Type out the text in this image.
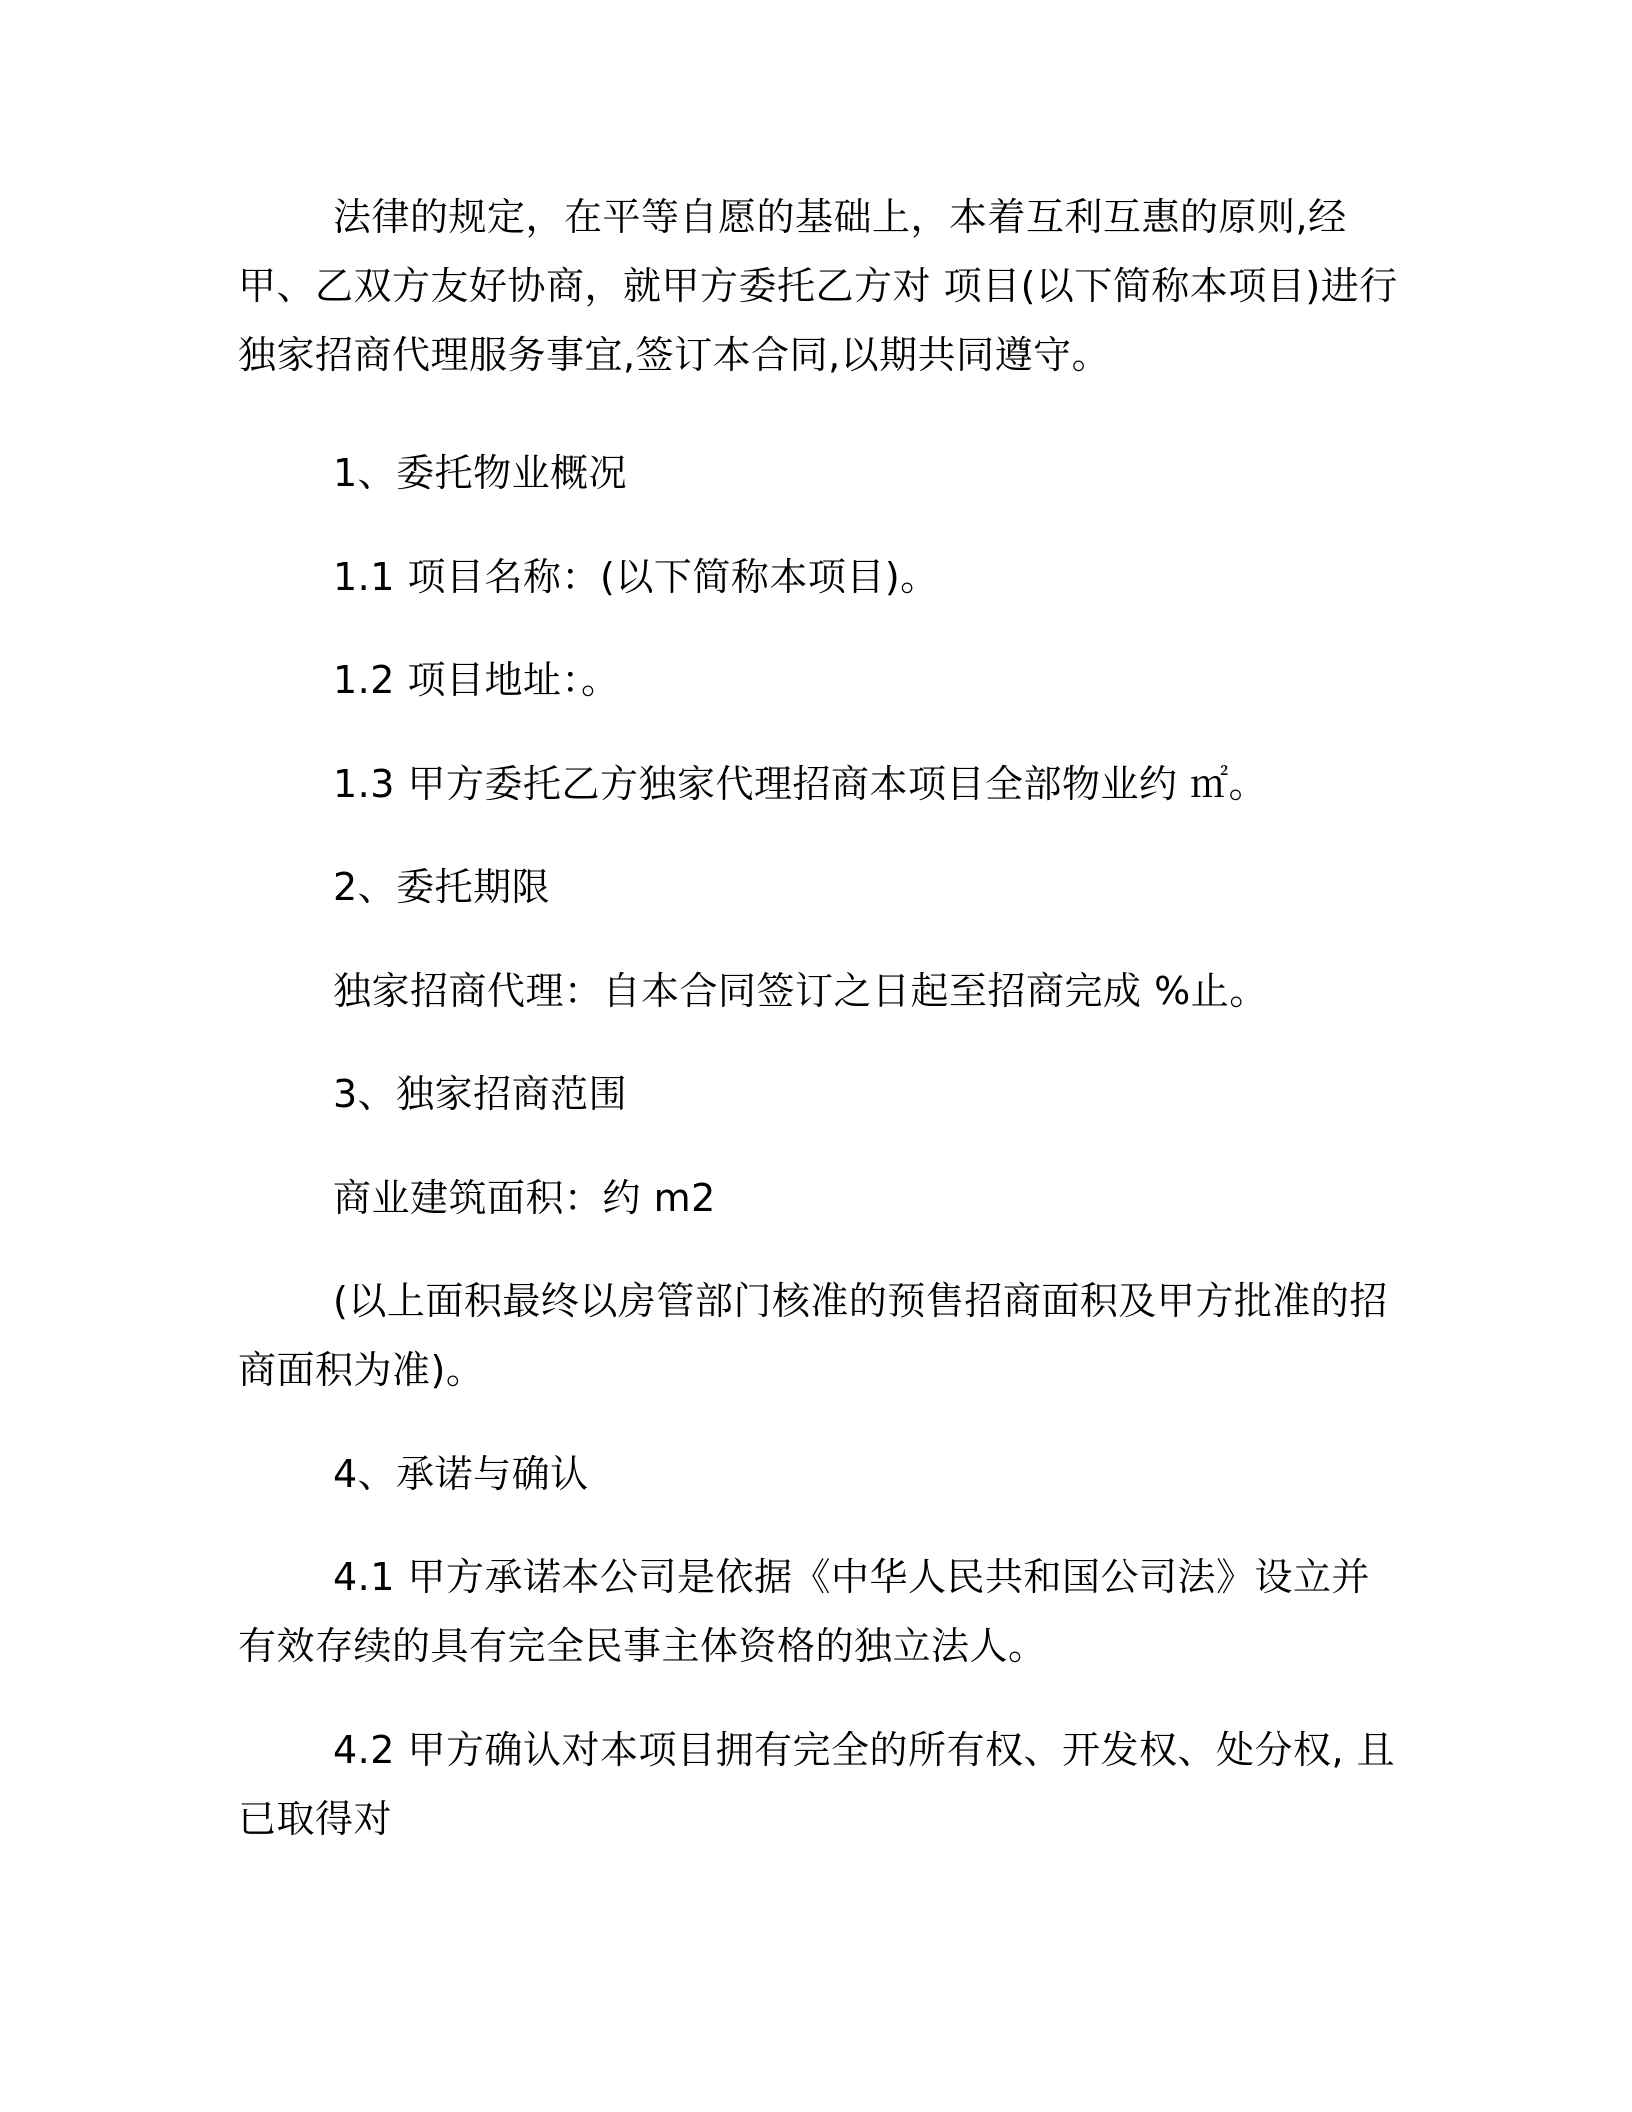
法律的规定，在平等自愿的基础上，本着互利互惠的原则,经甲、乙双方友好协商，就甲方委托乙方对 项目(以下简称本项目)进行独家招商代理服务事宜,签订本合同,以期共同遵守。

1、委托物业概况

1.1 项目名称：(以下简称本项目)。

1.2 项目地址：。

1.3 甲方委托乙方独家代理招商本项目全部物业约 ㎡。

2、委托期限

独家招商代理：自本合同签订之日起至招商完成 %止。

3、独家招商范围

商业建筑面积：约 m2

(以上面积最终以房管部门核准的预售招商面积及甲方批准的招商面积为准)。

4、承诺与确认

4.1 甲方承诺本公司是依据《中华人民共和国公司法》设立并有效存续的具有完全民事主体资格的独立法人。

4.2 甲方确认对本项目拥有完全的所有权、开发权、处分权, 且已取得对
